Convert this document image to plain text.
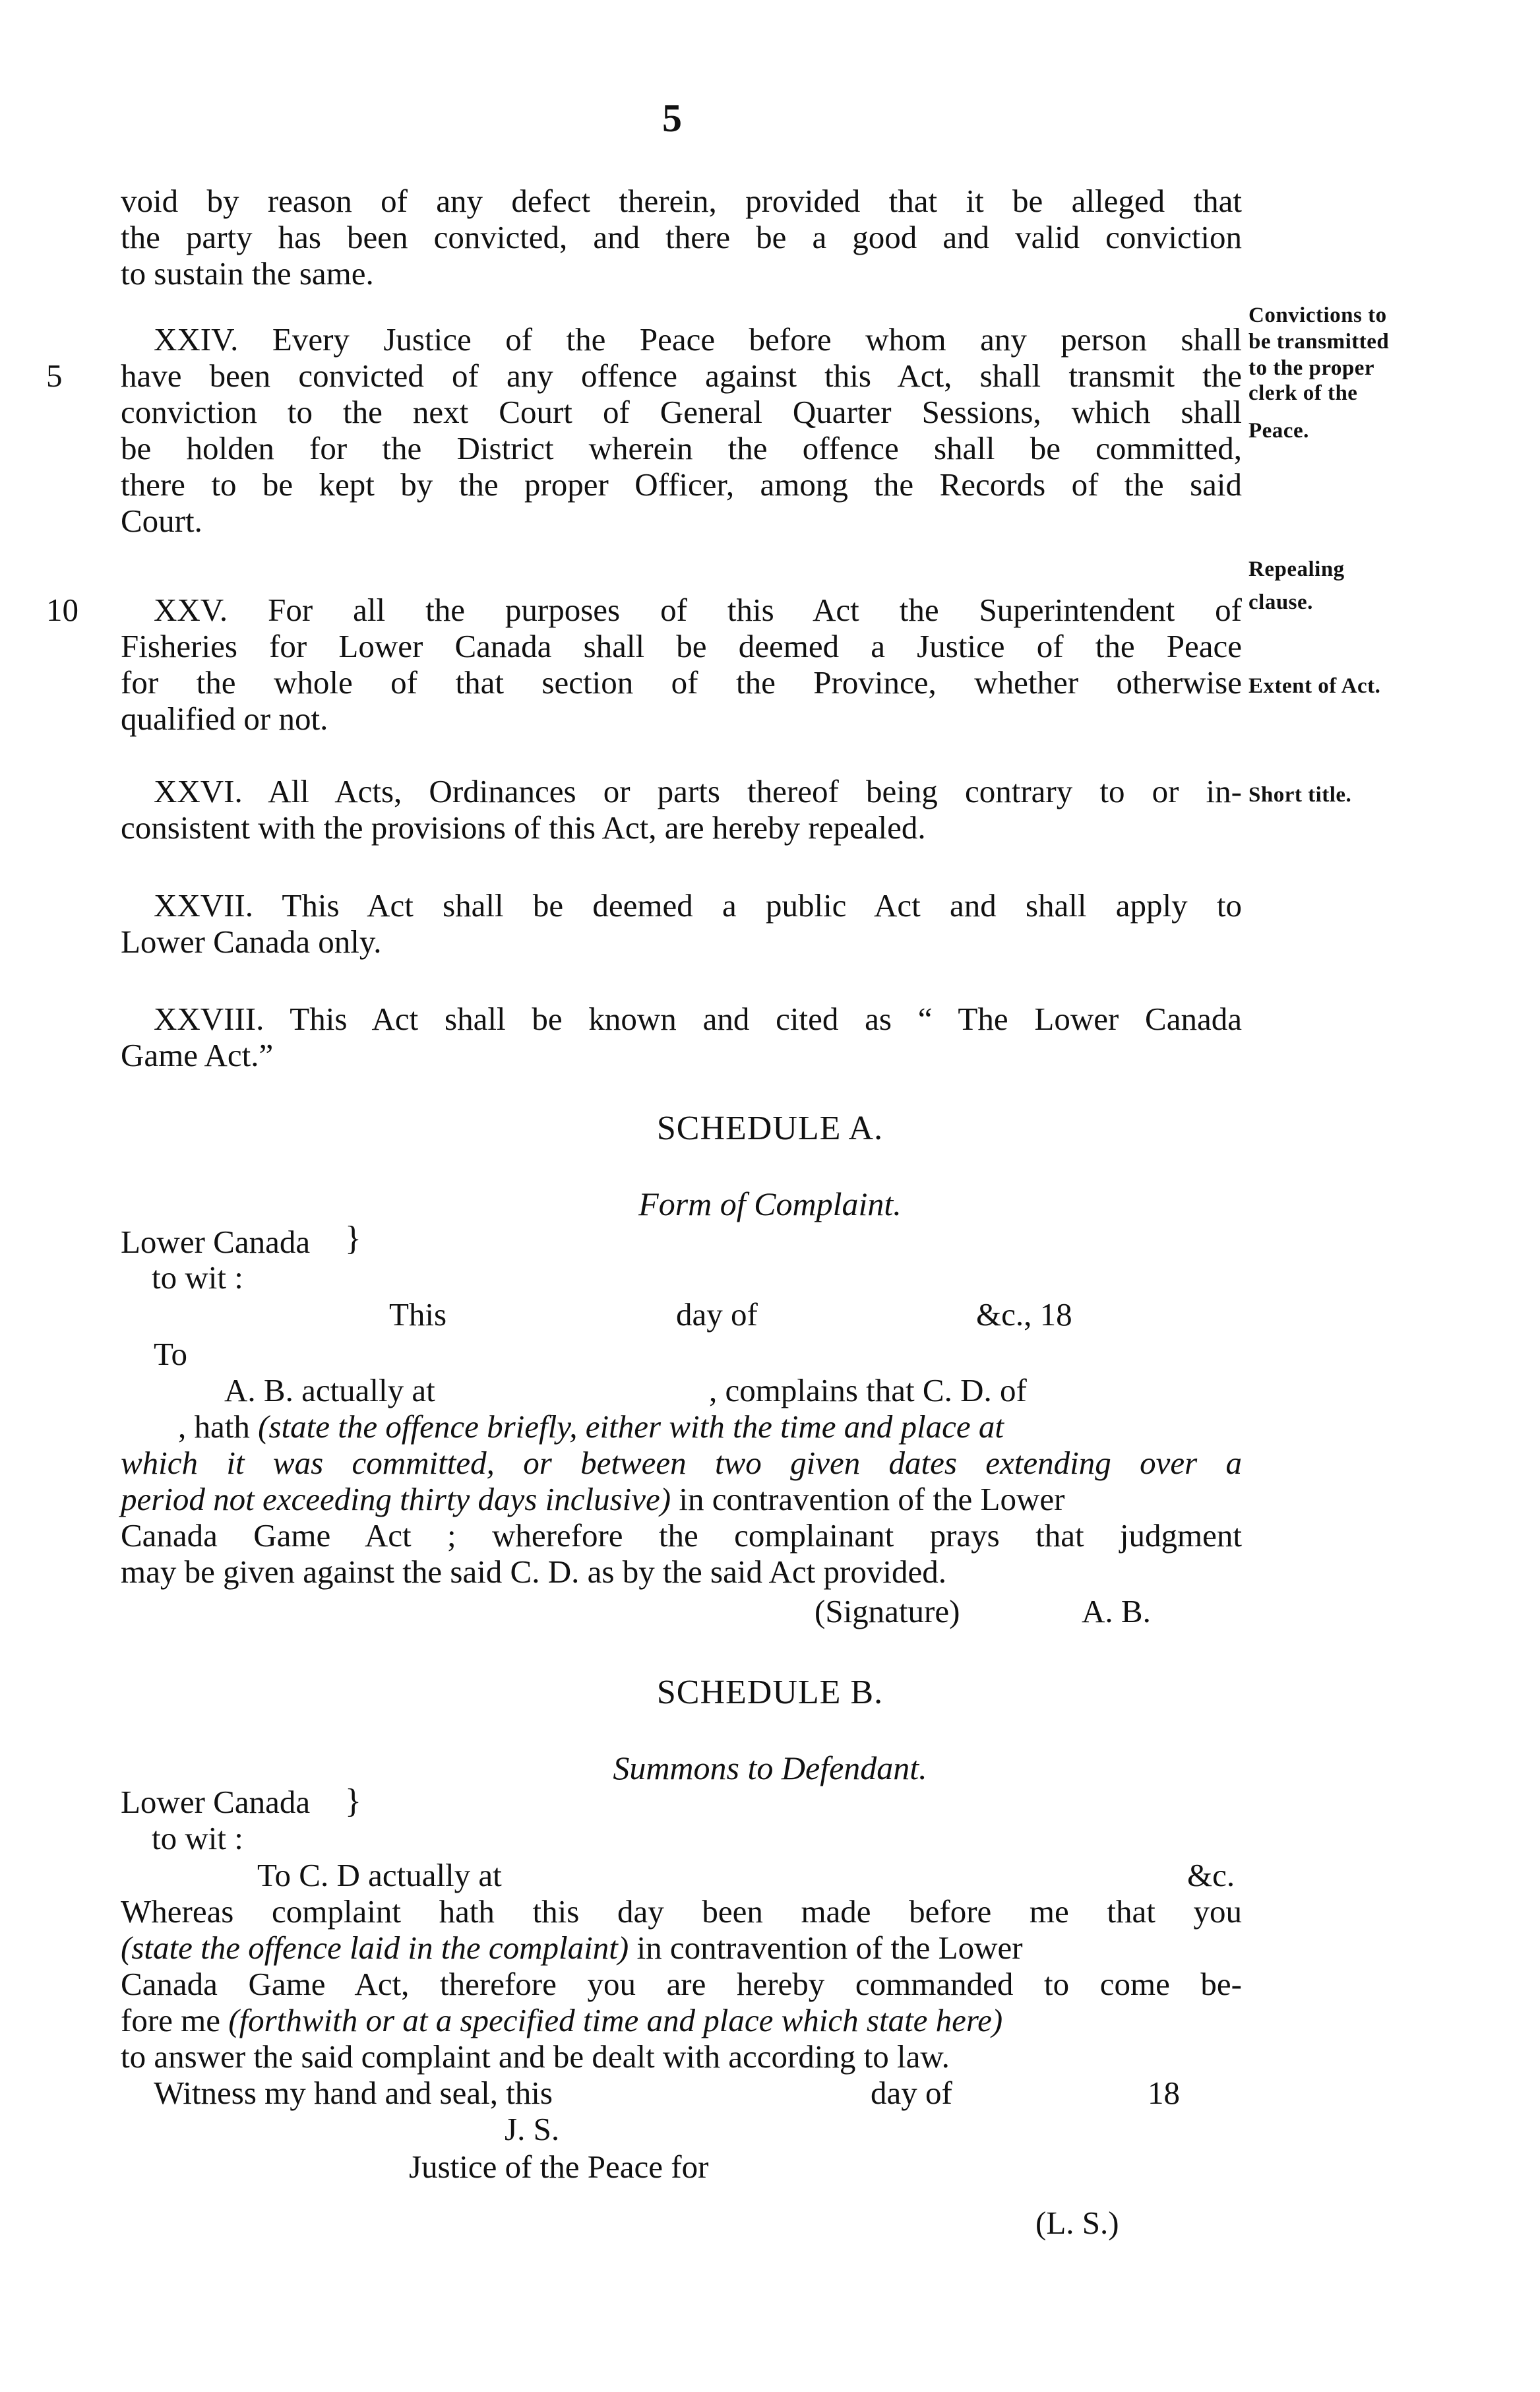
5
void by reason of any defect therein, provided that it be alleged that
the party has been convicted, and there be a good and valid conviction
to sustain the same.
XXIV. Every Justice of the Peace before whom any person shall
5 have been convicted of any offence against this Act, shall transmit the
conviction to the next Court of General Quarter Sessions, which shall
be holden for the District wherein the offence shall be committed,
there to be kept by the proper Officer, among the Records of the said
Court.
Convictions to
be transmitted
to the proper
clerk of the
Peace.
Repealing
clause.
10 XXV. For all the purposes of this Act the Superintendent of
Fisheries for Lower Canada shall be deemed a Justice of the Peace
for the whole of that section of the Province, whether otherwise Extent of Act.
qualified or not.
XXVI. All Acts, Ordinances or parts thereof being contrary to or in- Short title.
consistent with the provisions of this Act, are hereby repealed.
XXVII. This Act shall be deemed a public Act and shall apply to
Lower Canada only.
XXVIII. This Act shall be known and cited as “ The Lower Canada
Game Act.”
SCHEDULE A.
Form of Complaint.
Lower Canada }
to wit :
This	day of	&c., 18
To
A. B. actually at	, complains that C. D. of
, hath (state the offence briefly, either with the time and place at
which it was committed, or between two given dates extending over a
period not exceeding thirty days inclusive) in contravention of the Lower
Canada Game Act ; wherefore the complainant prays that judgment
may be given against the said C. D. as by the said Act provided.
(Signature)	A. B.
SCHEDULE B.
Summons to Defendant.
Lower Canada }
to wit :
To C. D actually at	&c.
Whereas complaint hath this day been made before me that you
(state the offence laid in the complaint) in contravention of the Lower
Canada Game Act, therefore you are hereby commanded to come be-
fore me (forthwith or at a specified time and place which state here)
to answer the said complaint and be dealt with according to law.
Witness my hand and seal, this	day of	18
J. S.
Justice of the Peace for
(L. S.)
